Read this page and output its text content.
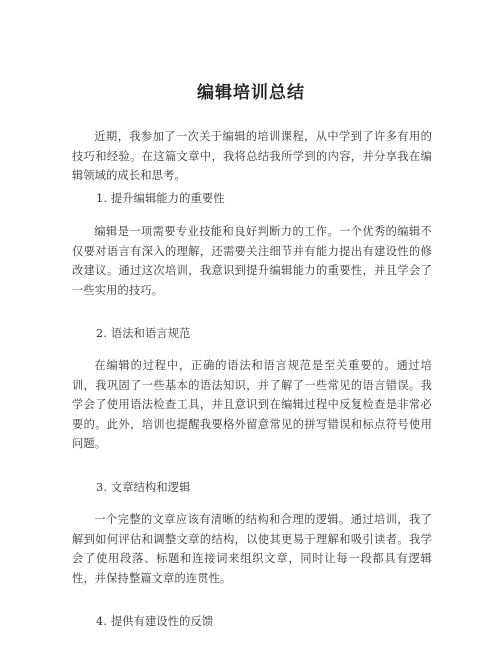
编辑培训总结

近期，我参加了一次关于编辑的培训课程，从中学到了许多有用的技巧和经验。在这篇文章中，我将总结我所学到的内容，并分享我在编辑领域的成长和思考。

1. 提升编辑能力的重要性

编辑是一项需要专业技能和良好判断力的工作。一个优秀的编辑不仅要对语言有深入的理解，还需要关注细节并有能力提出有建设性的修改建议。通过这次培训，我意识到提升编辑能力的重要性，并且学会了一些实用的技巧。

2. 语法和语言规范

在编辑的过程中，正确的语法和语言规范是至关重要的。通过培训，我巩固了一些基本的语法知识，并了解了一些常见的语言错误。我学会了使用语法检查工具，并且意识到在编辑过程中反复检查是非常必要的。此外，培训也提醒我要格外留意常见的拼写错误和标点符号使用问题。

3. 文章结构和逻辑

一个完整的文章应该有清晰的结构和合理的逻辑。通过培训，我了解到如何评估和调整文章的结构，以使其更易于理解和吸引读者。我学会了使用段落、标题和连接词来组织文章，同时让每一段都具有逻辑性，并保持整篇文章的连贯性。

4. 提供有建设性的反馈
